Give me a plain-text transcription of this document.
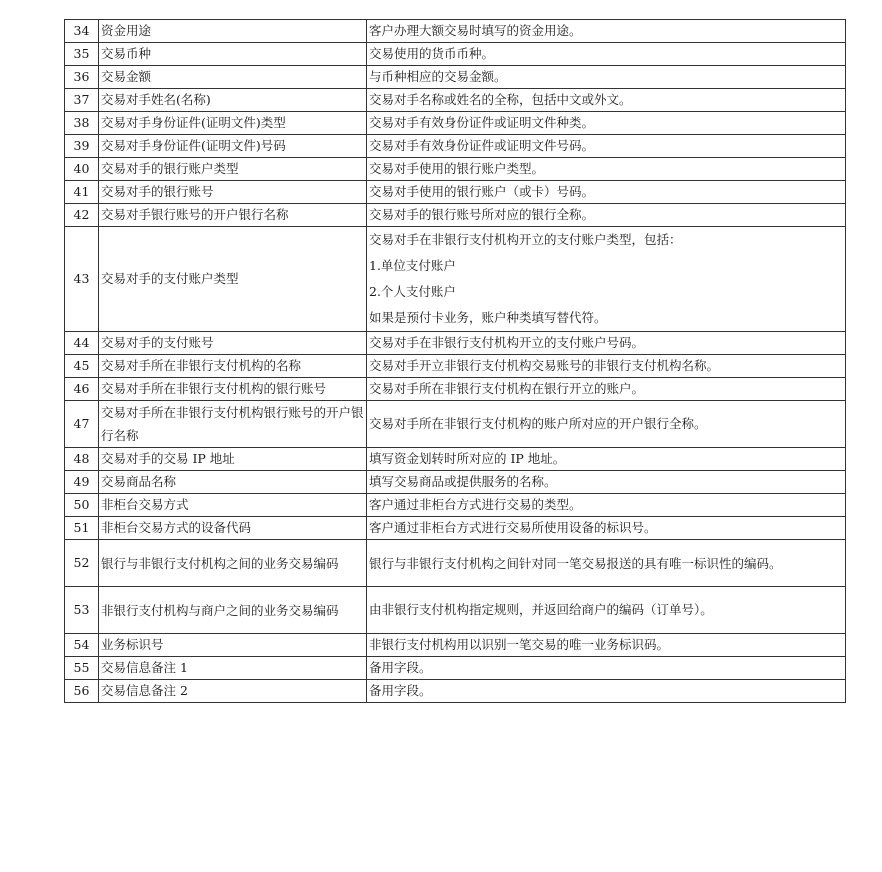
34	资金用途	客户办理大额交易时填写的资金用途。
35	交易币种	交易使用的货币币种。
36	交易金额	与币种相应的交易金额。
37	交易对手姓名(名称)	交易对手名称或姓名的全称，包括中文或外文。
38	交易对手身份证件(证明文件)类型	交易对手有效身份证件或证明文件种类。
39	交易对手身份证件(证明文件)号码	交易对手有效身份证件或证明文件号码。
40	交易对手的银行账户类型	交易对手使用的银行账户类型。
41	交易对手的银行账号	交易对手使用的银行账户（或卡）号码。
42	交易对手银行账号的开户银行名称	交易对手的银行账号所对应的银行全称。
43	交易对手的支付账户类型	交易对手在非银行支付机构开立的支付账户类型，包括：
1.单位支付账户
2.个人支付账户
如果是预付卡业务，账户种类填写替代符。

44	交易对手的支付账号	交易对手在非银行支付机构开立的支付账户号码。
45	交易对手所在非银行支付机构的名称	交易对手开立非银行支付机构交易账号的非银行支付机构名称。
46	交易对手所在非银行支付机构的银行账号	交易对手所在非银行支付机构在银行开立的账户。
47	交易对手所在非银行支付机构银行账号的开户银行名称	交易对手所在非银行支付机构的账户所对应的开户银行全称。
48	交易对手的交易 IP 地址	填写资金划转时所对应的 IP 地址。
49	交易商品名称	填写交易商品或提供服务的名称。
50	非柜台交易方式	客户通过非柜台方式进行交易的类型。
51	非柜台交易方式的设备代码	客户通过非柜台方式进行交易所使用设备的标识号。
52	银行与非银行支付机构之间的业务交易编码	银行与非银行支付机构之间针对同一笔交易报送的具有唯一标识性的编码。
53	非银行支付机构与商户之间的业务交易编码	由非银行支付机构指定规则，并返回给商户的编码（订单号）。
54	业务标识号	非银行支付机构用以识别一笔交易的唯一业务标识码。
55	交易信息备注 1	备用字段。
56	交易信息备注 2	备用字段。
